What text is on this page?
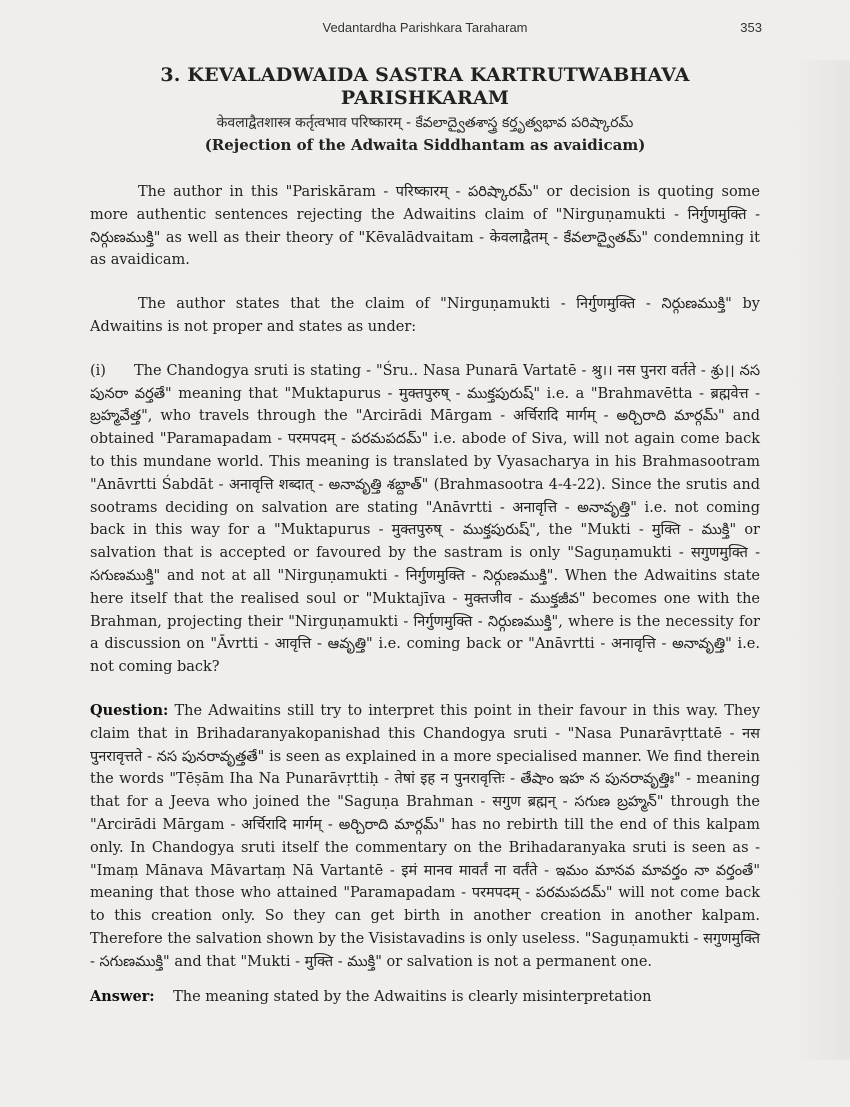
Vedantardha Parishkara Taraharam	353
3. KEVALADWAIDA SASTRA KARTRUTWABHAVA PARISHKARAM
केवलाद्वैतशास्त्र कर्तृत्वभाव परिष्कारम् - కేవలాద్వైతశాస్త్ర కర్తృత్వభావ పరిష్కారమ్
(Rejection of the Adwaita Siddhantam as avaidicam)

The author in this "Pariskāram - परिष्कारम् - పరిష్కారమ్" or decision is quoting some more authentic sentences rejecting the Adwaitins claim of "Nirguṇamukti - निर्गुणमुक्ति - నిర్గుణముక్తి" as well as their theory of "Kēvalādvaitam - केवलाद्वैतम् - కేవలాద్వైతమ్" condemning it as avaidicam.

The author states that the claim of "Nirguṇamukti - निर्गुणमुक्ति - నిర్గుణముక్తి" by Adwaitins is not proper and states as under:

(i) The Chandogya sruti is stating - "Śru.. Nasa Punarā Vartatē - श्रु।। नस पुनरा वर्तते - శ్రు।। నస పునరా వర్తతే" meaning that "Muktapurus - मुक्तपुरुष् - ముక్తపురుష్" i.e. a "Brahmavētta - ब्रह्मवेत्त - బ్రహ్మవేత్త", who travels through the "Arcirādi Mārgam - अर्चिरादि मार्गम् - అర్చిరాది మార్గమ్" and obtained "Paramapadam - परमपदम् - పరమపదమ్" i.e. abode of Siva, will not again come back to this mundane world. This meaning is translated by Vyasacharya in his Brahmasootram "Anāvrtti Śabdāt - अनावृत्ति शब्दात् - అనావృత్తి శబ్దాత్" (Brahmasootra 4-4-22). Since the srutis and sootrams deciding on salvation are stating "Anāvrtti - अनावृत्ति - అనావృత్తి" i.e. not coming back in this way for a "Muktapurus - मुक्तपुरुष् - ముక్తపురుష్", the "Mukti - मुक्ति - ముక్తి" or salvation that is accepted or favoured by the sastram is only "Saguṇamukti - सगुणमुक्ति - సగుణముక్తి" and not at all "Nirguṇamukti - निर्गुणमुक्ति - నిర్గుణముక్తి". When the Adwaitins state here itself that the realised soul or "Muktajīva - मुक्तजीव - ముక్తజీవ" becomes one with the Brahman, projecting their "Nirguṇamukti - निर्गुणमुक्ति - నిర్గుణముక్తి", where is the necessity for a discussion on "Āvrtti - आवृत्ति - ఆవృత్తి" i.e. coming back or "Anāvrtti - अनावृत्ति - అనావృత్తి" i.e. not coming back?

Question: The Adwaitins still try to interpret this point in their favour in this way. They claim that in Brihadaranyakopanishad this Chandogya sruti - "Nasa Punarāvṛttatē - नस पुनरावृत्तते - నస పునరావృత్తతే" is seen as explained in a more specialised manner. We find therein the words "Tēṣām Iha Na Punarāvṛttiḥ - तेषां इह न पुनरावृत्तिः - తేషాం ఇహ న పునరావృత్తిః" - meaning that for a Jeeva who joined the "Saguṇa Brahman - सगुण ब्रह्मन् - సగుణ బ్రహ్మన్" through the "Arcirādi Mārgam - अर्चिरादि मार्गम् - అర్చిరాది మార్గమ్" has no rebirth till the end of this kalpam only. In Chandogya sruti itself the commentary on the Brihadaranyaka sruti is seen as - "Imaṃ Mānava Māvartaṃ Nā Vartantē - इमं मानव मावर्तं ना वर्तंते - ఇమం మానవ మావర్తం నా వర్తంతే" meaning that those who attained "Paramapadam - परमपदम् - పరమపదమ్" will not come back to this creation only. So they can get birth in another creation in another kalpam. Therefore the salvation shown by the Visistavadins is only useless. "Saguṇamukti - सगुणमुक्ति - సగుణముక్తి" and that "Mukti - मुक्ति - ముక్తి" or salvation is not a permanent one.

Answer: The meaning stated by the Adwaitins is clearly misinterpretation
